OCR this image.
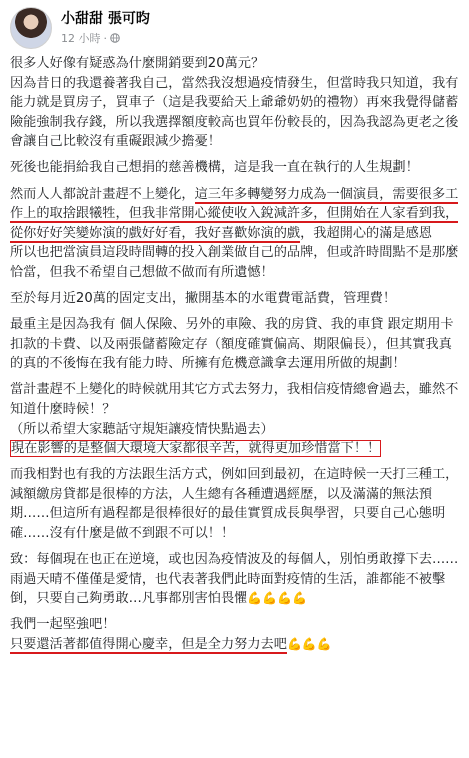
小甜甜 張可昀
12 小時 ·

很多人好像有疑惑為什麼開銷要到20萬元？
因為昔日的我還養著我自己，當然我沒想過疫情發生，但當時我只知道，我有能力就是買房子，買車子（這是我要給天上爺爺奶奶的禮物）再來我覺得儲蓄險能強制我存錢，所以我選擇額度較高也買年份較長的，因為我認為更老之後會讓自己比較沒有重礙跟減少擔憂！

死後也能捐給我自己想捐的慈善機構，這是我一直在執行的人生規劃！

然而人人都說計畫趕不上變化，這三年多轉變努力成為一個演員，需要很多工作上的取捨跟犧牲，但我非常開心縱使收入銳減許多，但開始在人家看到我，從你好好笑變妳演的戲好好看，我好喜歡妳演的戲，我超開心的滿是感恩
所以也把當演員這段時間轉的投入創業做自己的品牌，但或許時間點不是那麼恰當，但我不希望自己想做不做而有所遺憾！

至於每月近20萬的固定支出，撇開基本的水電費電話費，管理費！

最重主是因為我有 個人保險、另外的車險、我的房貸、我的車貸 跟定期用卡扣款的卡費、以及兩張儲蓄險定存（額度確實偏高、期限偏長），但其實我真的真的不後悔在我有能力時、所擁有危機意識拿去運用所做的規劃！

當計畫趕不上變化的時候就用其它方式去努力，我相信疫情總會過去，雖然不知道什麼時候！？
（所以希望大家聽話守規矩讓疫情快點過去）
現在影響的是整個大環境大家都很辛苦，就得更加珍惜當下！！

而我相對也有我的方法跟生活方式，例如回到最初，在這時候一天打三種工，減額繳房貸都是很棒的方法，人生總有各種遭遇經歷，以及滿滿的無法預期……但這所有過程都是很棒很好的最佳實質成長與學習，只要自己心態明確……沒有什麼是做不到跟不可以！！

致：每個現在也正在逆境，或也因為疫情波及的每個人，別怕勇敢撐下去……雨過天晴不僅僅是愛情，也代表著我們此時面對疫情的生活，誰都能不被擊倒，只要自己夠勇敢…凡事都別害怕畏懼💪💪💪💪

我們一起堅強吧！
只要還活著都值得開心慶幸，但是全力努力去吧💪💪💪
